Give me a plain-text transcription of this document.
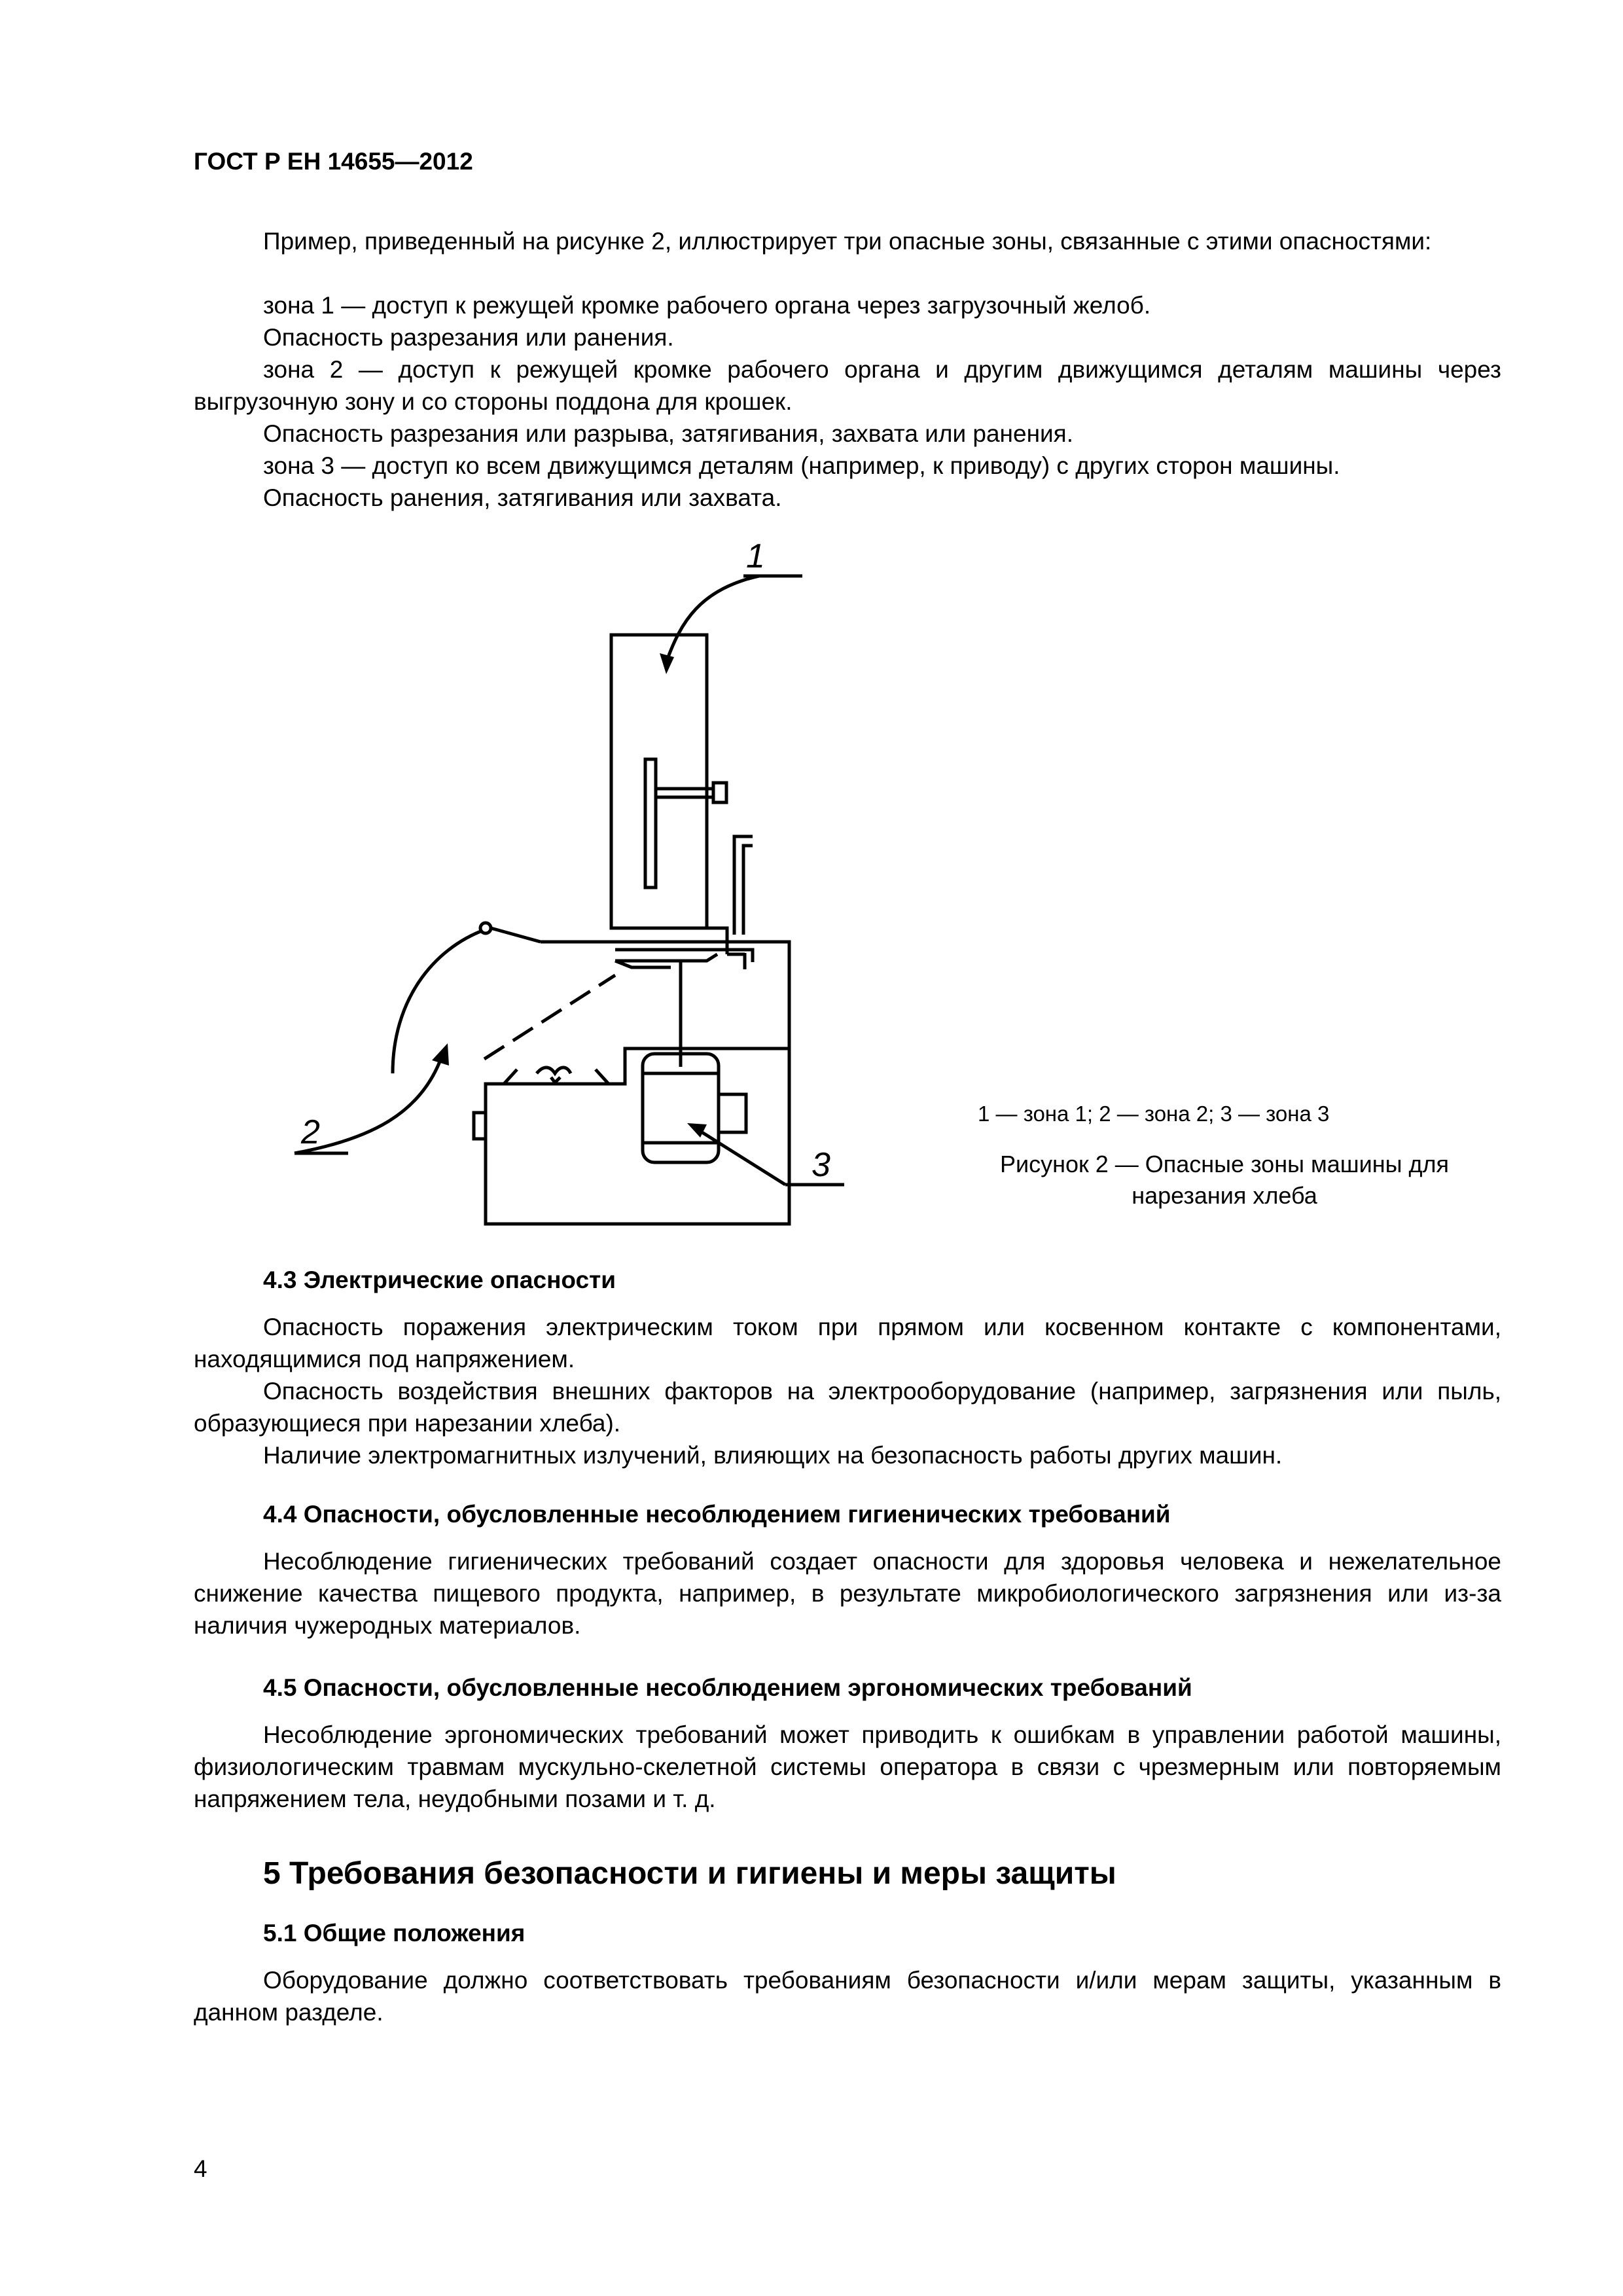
ГОСТ Р ЕН 14655—2012
Пример, приведенный на рисунке 2, иллюстрирует три опасные зоны, связанные с этими опасностями:
зона 1 — доступ к режущей кромке рабочего органа через загрузочный желоб.
Опасность разрезания или ранения.
зона 2 — доступ к режущей кромке рабочего органа и другим движущимся деталям машины через выгрузочную зону и со стороны поддона для крошек.
Опасность разрезания или разрыва, затягивания, захвата или ранения.
зона 3 — доступ ко всем движущимся деталям (например, к приводу) с других сторон машины.
Опасность ранения, затягивания или захвата.
1
2
3
1 — зона 1; 2 — зона 2; 3 — зона 3
Рисунок 2 — Опасные зоны машины для нарезания хлеба
4.3 Электрические опасности
Опасность поражения электрическим током при прямом или косвенном контакте с компонентами, находящимися под напряжением.
Опасность воздействия внешних факторов на электрооборудование (например, загрязнения или пыль, образующиеся при нарезании хлеба).
Наличие электромагнитных излучений, влияющих на безопасность работы других машин.
4.4 Опасности, обусловленные несоблюдением гигиенических требований
Несоблюдение гигиенических требований создает опасности для здоровья человека и нежелательное снижение качества пищевого продукта, например, в результате микробиологического загрязнения или из-за наличия чужеродных материалов.
4.5 Опасности, обусловленные несоблюдением эргономических требований
Несоблюдение эргономических требований может приводить к ошибкам в управлении работой машины, физиологическим травмам мускульно-скелетной системы оператора в связи с чрезмерным или повторяемым напряжением тела, неудобными позами и т. д.
5 Требования безопасности и гигиены и меры защиты
5.1 Общие положения
Оборудование должно соответствовать требованиям безопасности и/или мерам защиты, указанным в данном разделе.
4
